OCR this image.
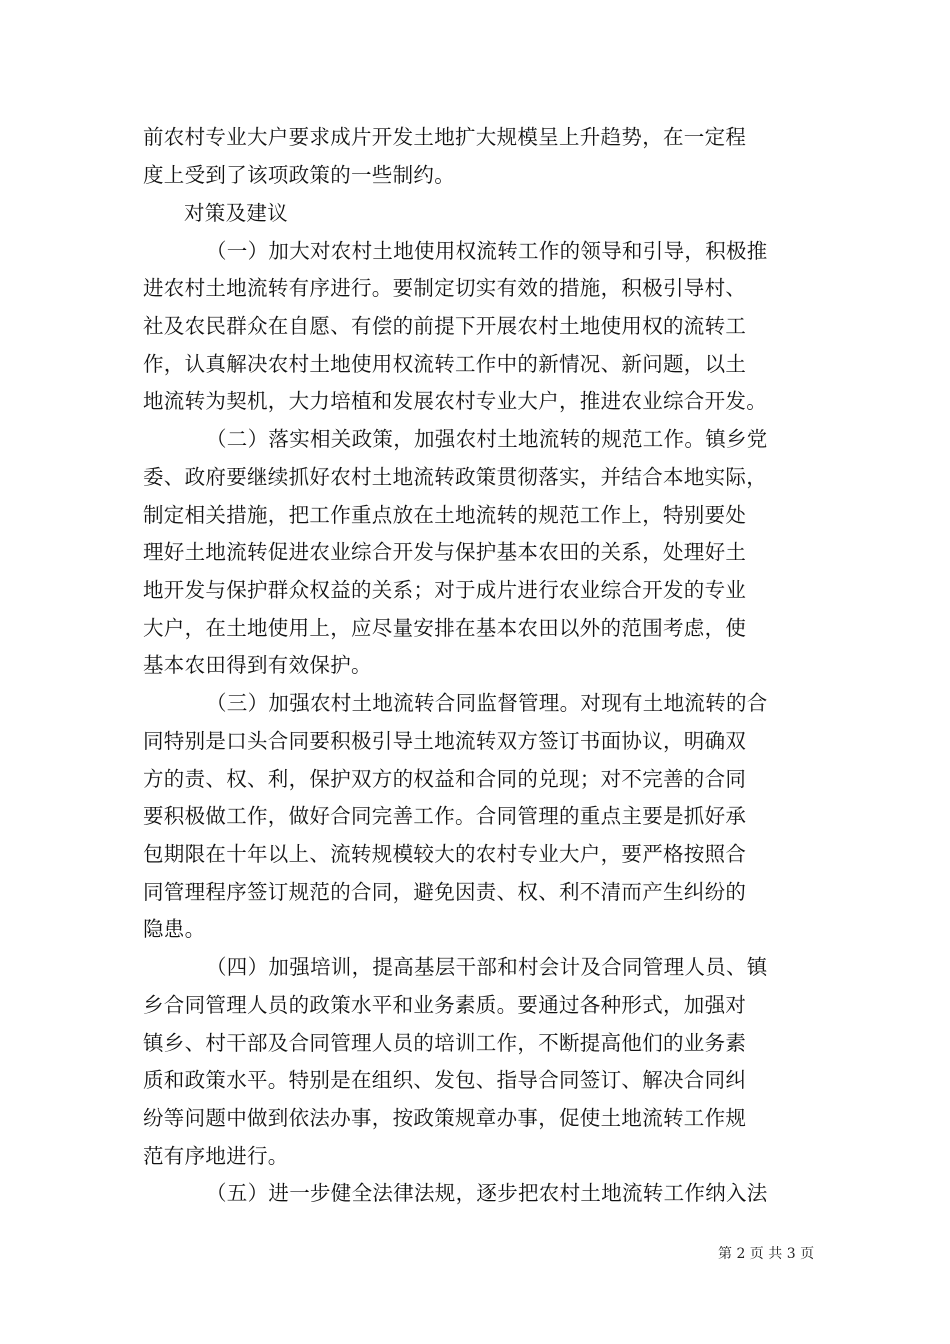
前农村专业大户要求成片开发土地扩大规模呈上升趋势，在一定程
度上受到了该项政策的一些制约。
对策及建议
（一）加大对农村土地使用权流转工作的领导和引导，积极推
进农村土地流转有序进行。要制定切实有效的措施，积极引导村、
社及农民群众在自愿、有偿的前提下开展农村土地使用权的流转工
作，认真解决农村土地使用权流转工作中的新情况、新问题，以土
地流转为契机，大力培植和发展农村专业大户，推进农业综合开发。
（二）落实相关政策，加强农村土地流转的规范工作。镇乡党
委、政府要继续抓好农村土地流转政策贯彻落实，并结合本地实际，
制定相关措施，把工作重点放在土地流转的规范工作上，特别要处
理好土地流转促进农业综合开发与保护基本农田的关系，处理好土
地开发与保护群众权益的关系；对于成片进行农业综合开发的专业
大户，在土地使用上，应尽量安排在基本农田以外的范围考虑，使
基本农田得到有效保护。
（三）加强农村土地流转合同监督管理。对现有土地流转的合
同特别是口头合同要积极引导土地流转双方签订书面协议，明确双
方的责、权、利，保护双方的权益和合同的兑现；对不完善的合同
要积极做工作，做好合同完善工作。合同管理的重点主要是抓好承
包期限在十年以上、流转规模较大的农村专业大户，要严格按照合
同管理程序签订规范的合同，避免因责、权、利不清而产生纠纷的
隐患。
（四）加强培训，提高基层干部和村会计及合同管理人员、镇
乡合同管理人员的政策水平和业务素质。要通过各种形式，加强对
镇乡、村干部及合同管理人员的培训工作，不断提高他们的业务素
质和政策水平。特别是在组织、发包、指导合同签订、解决合同纠
纷等问题中做到依法办事，按政策规章办事，促使土地流转工作规
范有序地进行。
（五）进一步健全法律法规，逐步把农村土地流转工作纳入法
第 2 页 共 3 页
